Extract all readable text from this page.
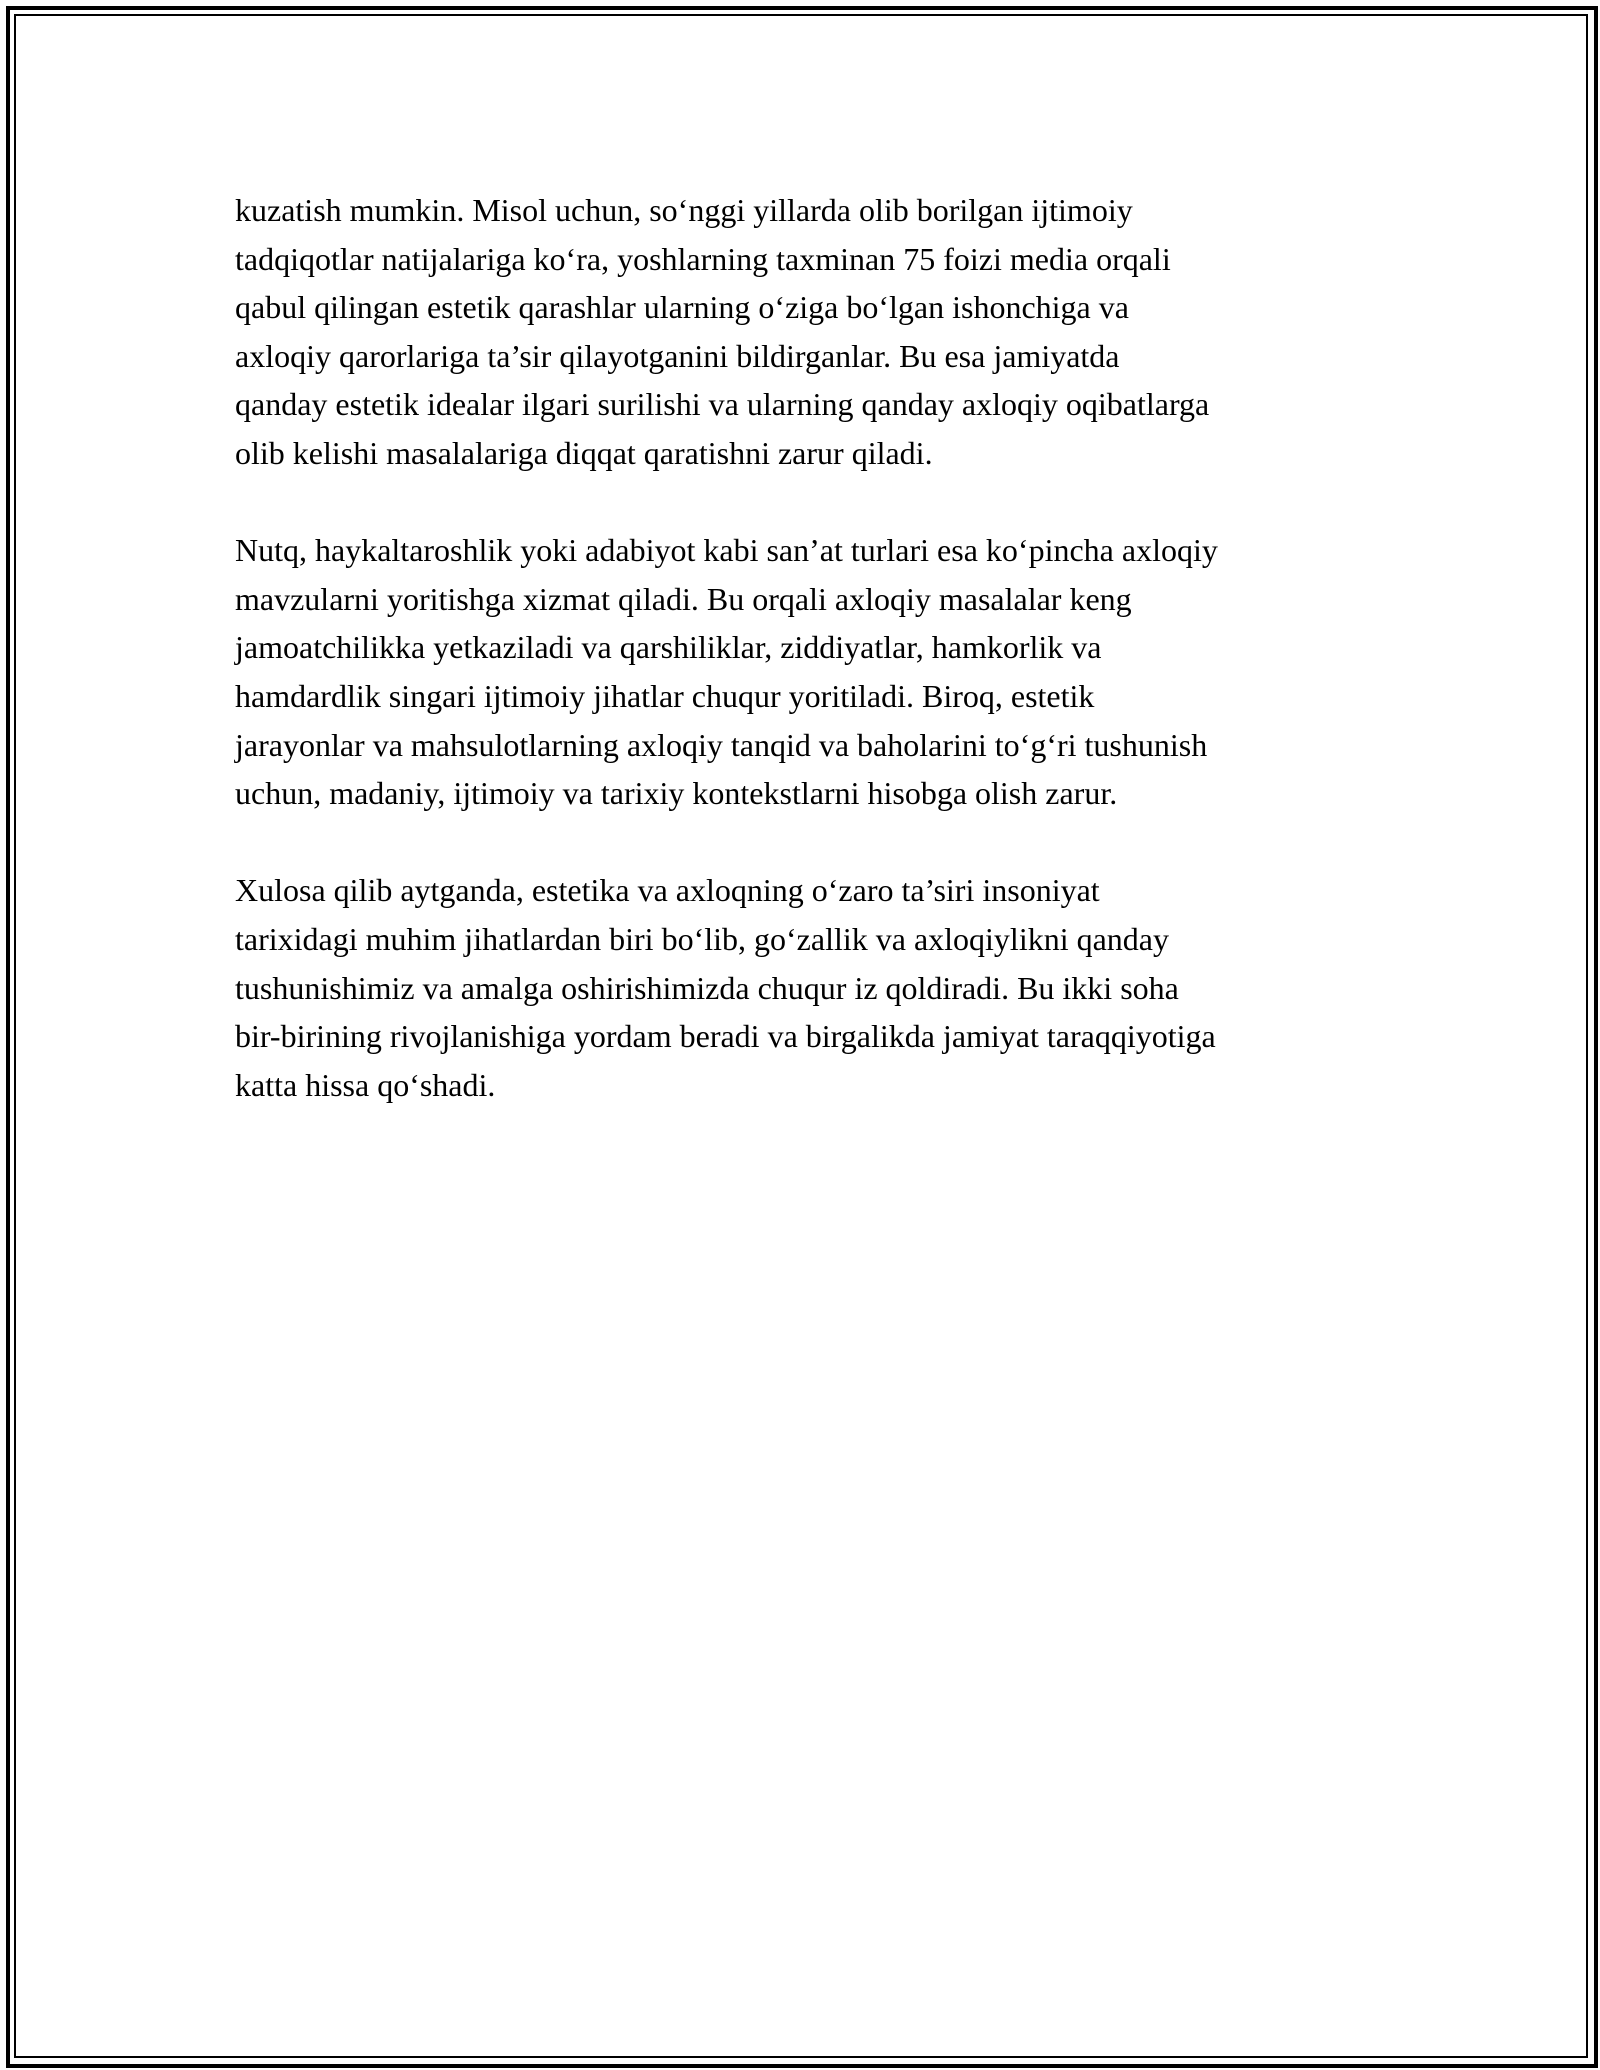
kuzatish mumkin. Misol uchun, so‘nggi yillarda olib borilgan ijtimoiy
tadqiqotlar natijalariga ko‘ra, yoshlarning taxminan 75 foizi media orqali
qabul qilingan estetik qarashlar ularning o‘ziga bo‘lgan ishonchiga va
axloqiy qarorlariga ta’sir qilayotganini bildirganlar. Bu esa jamiyatda
qanday estetik idealar ilgari surilishi va ularning qanday axloqiy oqibatlarga
olib kelishi masalalariga diqqat qaratishni zarur qiladi.

Nutq, haykaltaroshlik yoki adabiyot kabi san’at turlari esa ko‘pincha axloqiy
mavzularni yoritishga xizmat qiladi. Bu orqali axloqiy masalalar keng
jamoatchilikka yetkaziladi va qarshiliklar, ziddiyatlar, hamkorlik va
hamdardlik singari ijtimoiy jihatlar chuqur yoritiladi. Biroq, estetik
jarayonlar va mahsulotlarning axloqiy tanqid va baholarini to‘g‘ri tushunish
uchun, madaniy, ijtimoiy va tarixiy kontekstlarni hisobga olish zarur.

Xulosa qilib aytganda, estetika va axloqning o‘zaro ta’siri insoniyat
tarixidagi muhim jihatlardan biri bo‘lib, go‘zallik va axloqiylikni qanday
tushunishimiz va amalga oshirishimizda chuqur iz qoldiradi. Bu ikki soha
bir-birining rivojlanishiga yordam beradi va birgalikda jamiyat taraqqiyotiga
katta hissa qo‘shadi.
